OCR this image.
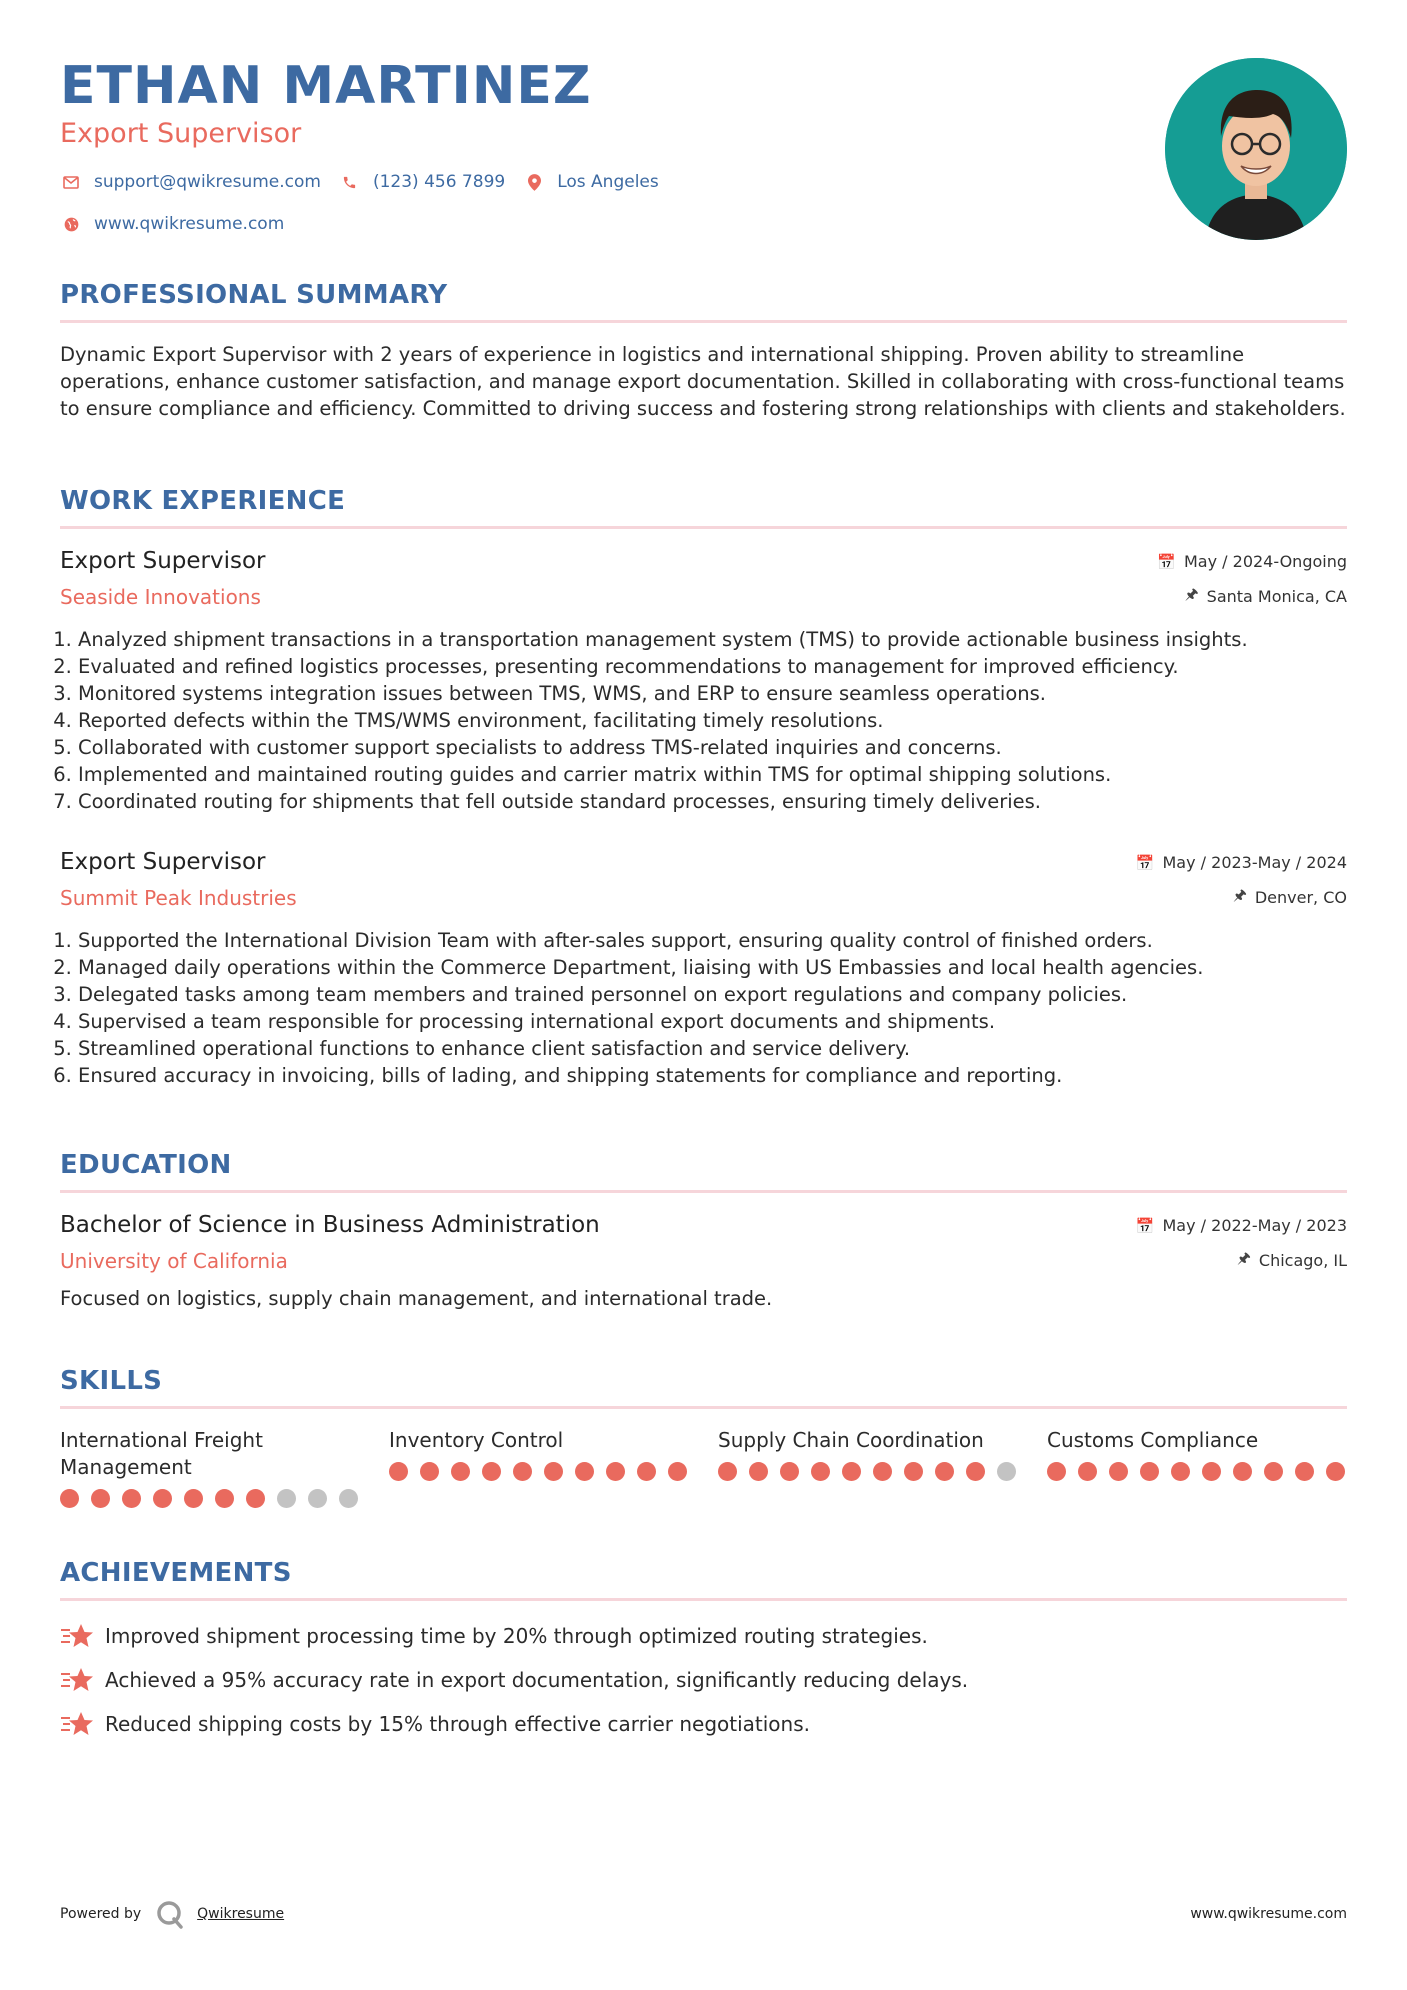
ETHAN MARTINEZ
Export Supervisor
support@qwikresume.com	(123) 456 7899	Los Angeles
www.qwikresume.com
PROFESSIONAL SUMMARY
Dynamic Export Supervisor with 2 years of experience in logistics and international shipping. Proven ability to streamline operations, enhance customer satisfaction, and manage export documentation. Skilled in collaborating with cross-functional teams to ensure compliance and efficiency. Committed to driving success and fostering strong relationships with clients and stakeholders.
WORK EXPERIENCE
Export Supervisor
Seaside Innovations
📅 May / 2024-Ongoing
🖈 Santa Monica, CA
1. Analyzed shipment transactions in a transportation management system (TMS) to provide actionable business insights.
2. Evaluated and refined logistics processes, presenting recommendations to management for improved efficiency.
3. Monitored systems integration issues between TMS, WMS, and ERP to ensure seamless operations.
4. Reported defects within the TMS/WMS environment, facilitating timely resolutions.
5. Collaborated with customer support specialists to address TMS-related inquiries and concerns.
6. Implemented and maintained routing guides and carrier matrix within TMS for optimal shipping solutions.
7. Coordinated routing for shipments that fell outside standard processes, ensuring timely deliveries.
Export Supervisor
Summit Peak Industries
📅 May / 2023-May / 2024
🖈 Denver, CO
1. Supported the International Division Team with after-sales support, ensuring quality control of finished orders.
2. Managed daily operations within the Commerce Department, liaising with US Embassies and local health agencies.
3. Delegated tasks among team members and trained personnel on export regulations and company policies.
4. Supervised a team responsible for processing international export documents and shipments.
5. Streamlined operational functions to enhance client satisfaction and service delivery.
6. Ensured accuracy in invoicing, bills of lading, and shipping statements for compliance and reporting.
EDUCATION
Bachelor of Science in Business Administration
University of California
📅 May / 2022-May / 2023
🖈 Chicago, IL
Focused on logistics, supply chain management, and international trade.
SKILLS
International Freight Management
Inventory Control	Supply Chain Coordination	Customs Compliance
ACHIEVEMENTS
Improved shipment processing time by 20% through optimized routing strategies.
Achieved a 95% accuracy rate in export documentation, significantly reducing delays.
Reduced shipping costs by 15% through effective carrier negotiations.
Powered by	Qwikresume	www.qwikresume.com
